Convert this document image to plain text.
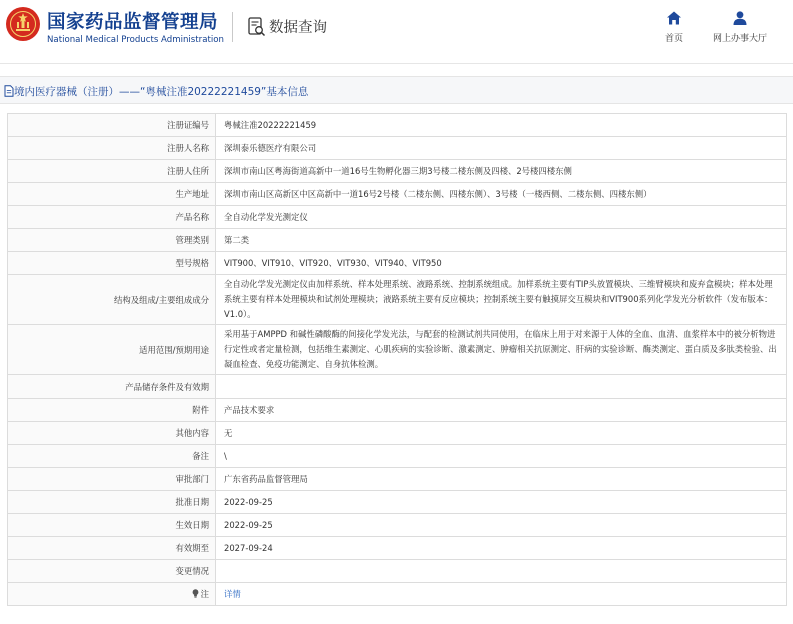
国家药品监督管理局
National Medical Products Administration
数据查询
首页	网上办事大厅
境内医疗器械（注册）——“粤械注准20222221459”基本信息
注册证编号	粤械注准20222221459
注册人名称	深圳泰乐德医疗有限公司
注册人住所	深圳市南山区粤海街道高新中一道16号生物孵化器三期3号楼二楼东侧及四楼、2号楼四楼东侧
生产地址	深圳市南山区高新区中区高新中一道16号2号楼（二楼东侧、四楼东侧）、3号楼（一楼西侧、二楼东侧、四楼东侧）
产品名称	全自动化学发光测定仪
管理类别	第二类
型号规格	VIT900、VIT910、VIT920、VIT930、VIT940、VIT950
结构及组成/主要组成成分	全自动化学发光测定仪由加样系统、样本处理系统、液路系统、控制系统组成。加样系统主要有TIP头放置模块、三维臂模块和废弃盒模块；样本处理系统主要有样本处理模块和试剂处理模块；液路系统主要有反应模块；控制系统主要有触摸屏交互模块和VIT900系列化学发光分析软件（发布版本：V1.0）。
适用范围/预期用途	采用基于AMPPD 和碱性磷酸酶的间接化学发光法，与配套的检测试剂共同使用，在临床上用于对来源于人体的全血、血清、血浆样本中的被分析物进行定性或者定量检测，包括维生素测定、心肌疾病的实验诊断、激素测定、肿瘤相关抗原测定、肝病的实验诊断、酶类测定、蛋白质及多肽类检验、出凝血检查、免疫功能测定、自身抗体检测。
产品储存条件及有效期	
附件	产品技术要求
其他内容	无
备注	\
审批部门	广东省药品监督管理局
批准日期	2022-09-25
生效日期	2022-09-25
有效期至	2027-09-24
变更情况	
注	详情
